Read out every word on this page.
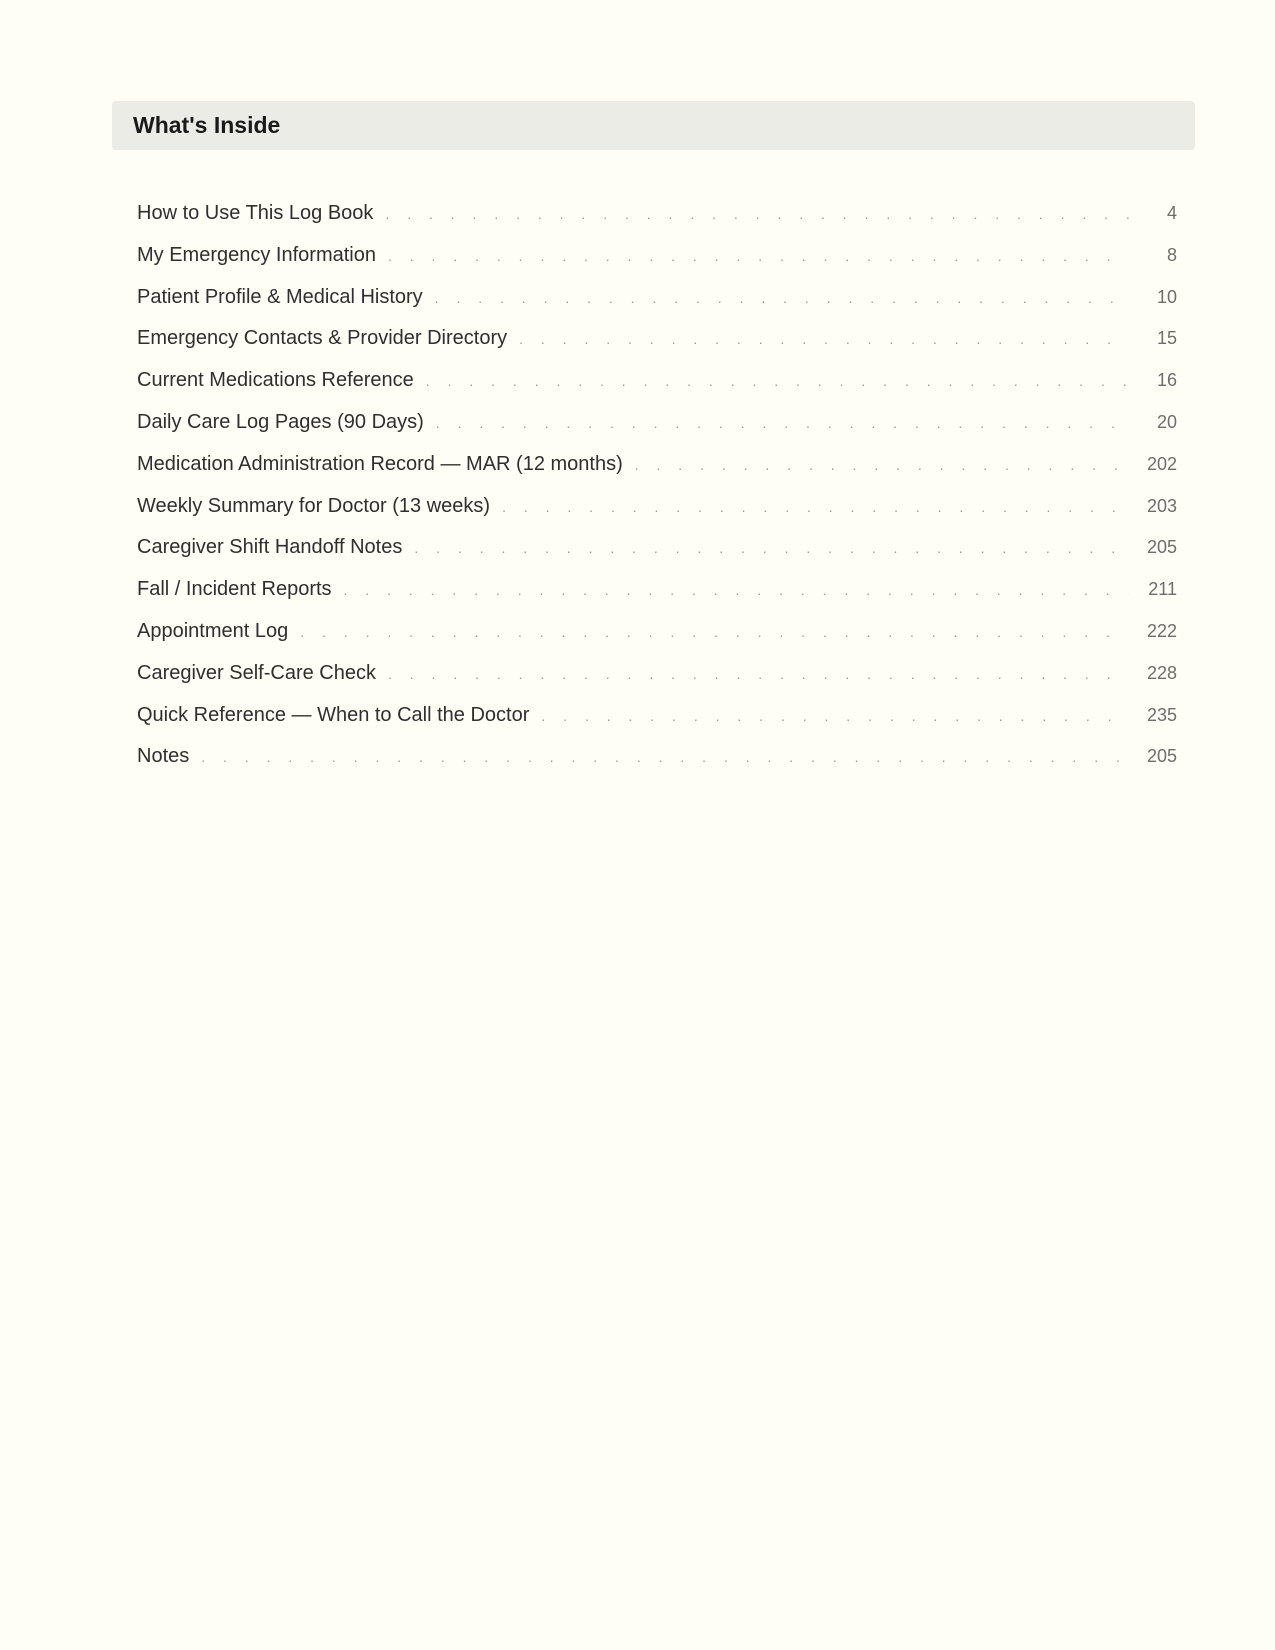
What's Inside
How to Use This Log Book . . .	4
My Emergency Information . . .	8
Patient Profile & Medical History . . .	10
Emergency Contacts & Provider Directory . . .	15
Current Medications Reference . . .	16
Daily Care Log Pages (90 Days) . . .	20
Medication Administration Record — MAR (12 months) . . .	202
Weekly Summary for Doctor (13 weeks) . . .	203
Caregiver Shift Handoff Notes . . .	205
Fall / Incident Reports . . .	211
Appointment Log . . .	222
Caregiver Self-Care Check . . .	228
Quick Reference — When to Call the Doctor . . .	235
Notes . . .	205
